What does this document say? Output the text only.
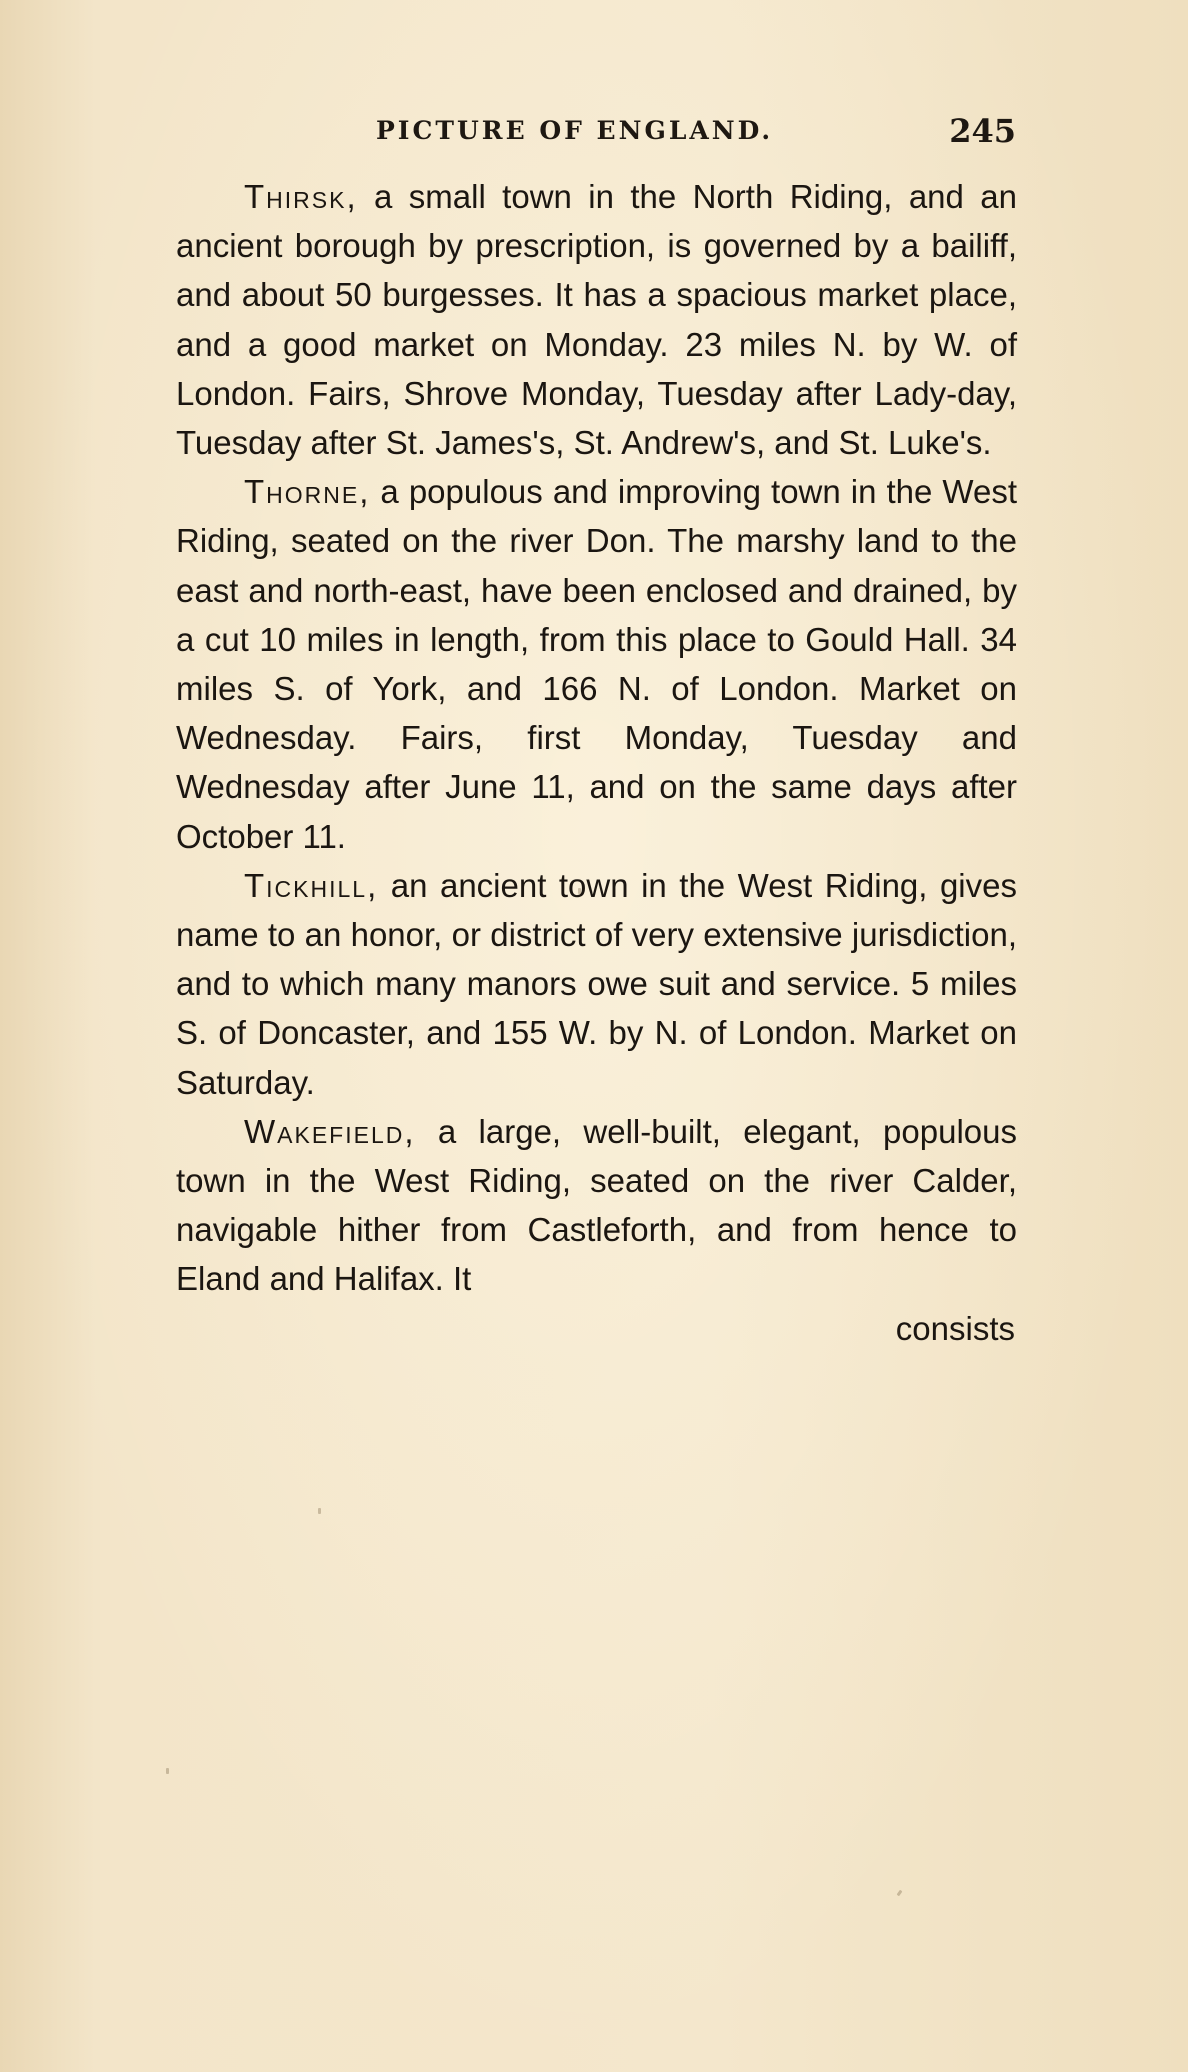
PICTURE OF ENGLAND.	245

Thirsk, a small town in the North Riding, and an ancient borough by prescription, is governed by a bailiff, and about 50 burgesses. It has a spacious market place, and a good market on Monday. 23 miles N. by W. of London. Fairs, Shrove Monday, Tuesday after Lady-day, Tuesday after St. James's, St. Andrew's, and St. Luke's.

Thorne, a populous and improving town in the West Riding, seated on the river Don. The marshy land to the east and north-east, have been enclosed and drained, by a cut 10 miles in length, from this place to Gould Hall. 34 miles S. of York, and 166 N. of London. Market on Wednesday. Fairs, first Monday, Tuesday and Wednesday after June 11, and on the same days after October 11.

Tickhill, an ancient town in the West Riding, gives name to an honor, or district of very extensive jurisdiction, and to which many manors owe suit and service. 5 miles S. of Doncaster, and 155 W. by N. of London. Market on Saturday.

Wakefield, a large, well-built, elegant, populous town in the West Riding, seated on the river Calder, navigable hither from Castleforth, and from hence to Eland and Halifax. It

consists
